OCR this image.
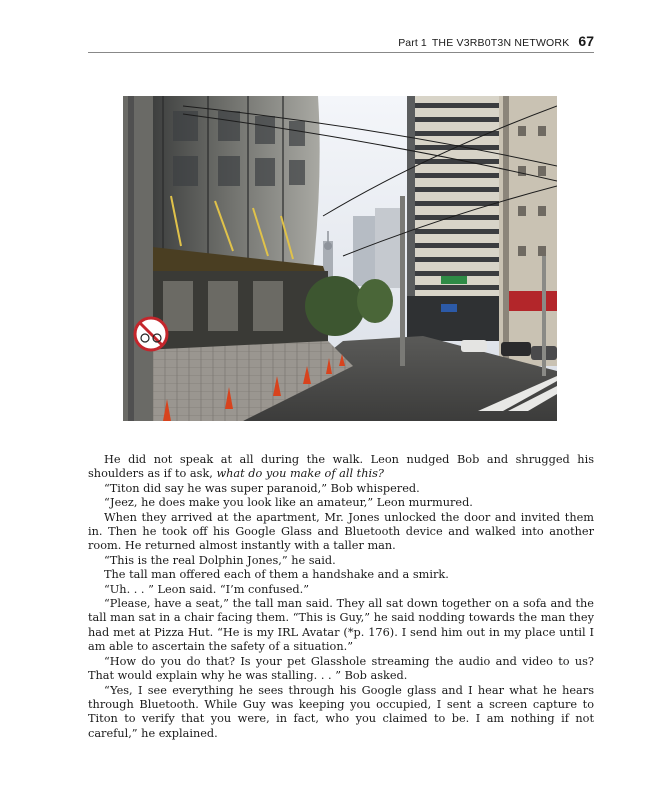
Part 1 THE V3RB0T3N NETWORK 67

He did not speak at all during the walk. Leon nudged Bob and shrugged his shoulders as if to ask, what do you make of all this?

“Titon did say he was super paranoid,” Bob whispered.

“Jeez, he does make you look like an amateur,” Leon murmured.

When they arrived at the apartment, Mr. Jones unlocked the door and invited them in. Then he took off his Google Glass and Bluetooth device and walked into another room. He returned almost instantly with a taller man.

“This is the real Dolphin Jones,” he said.

The tall man offered each of them a handshake and a smirk.

“Uh. . . ” Leon said. “I’m confused.”

“Please, have a seat,” the tall man said. They all sat down together on a sofa and the tall man sat in a chair facing them. “This is Guy,” he said nodding towards the man they had met at Pizza Hut. “He is my IRL Avatar (*p. 176). I send him out in my place until I am able to ascertain the safety of a situation.”

“How do you do that? Is your pet Glasshole streaming the audio and video to us? That would explain why he was stalling. . . ” Bob asked.

“Yes, I see everything he sees through his Google glass and I hear what he hears through Bluetooth. While Guy was keeping you occupied, I sent a screen capture to Titon to verify that you were, in fact, who you claimed to be. I am nothing if not careful,” he explained.
